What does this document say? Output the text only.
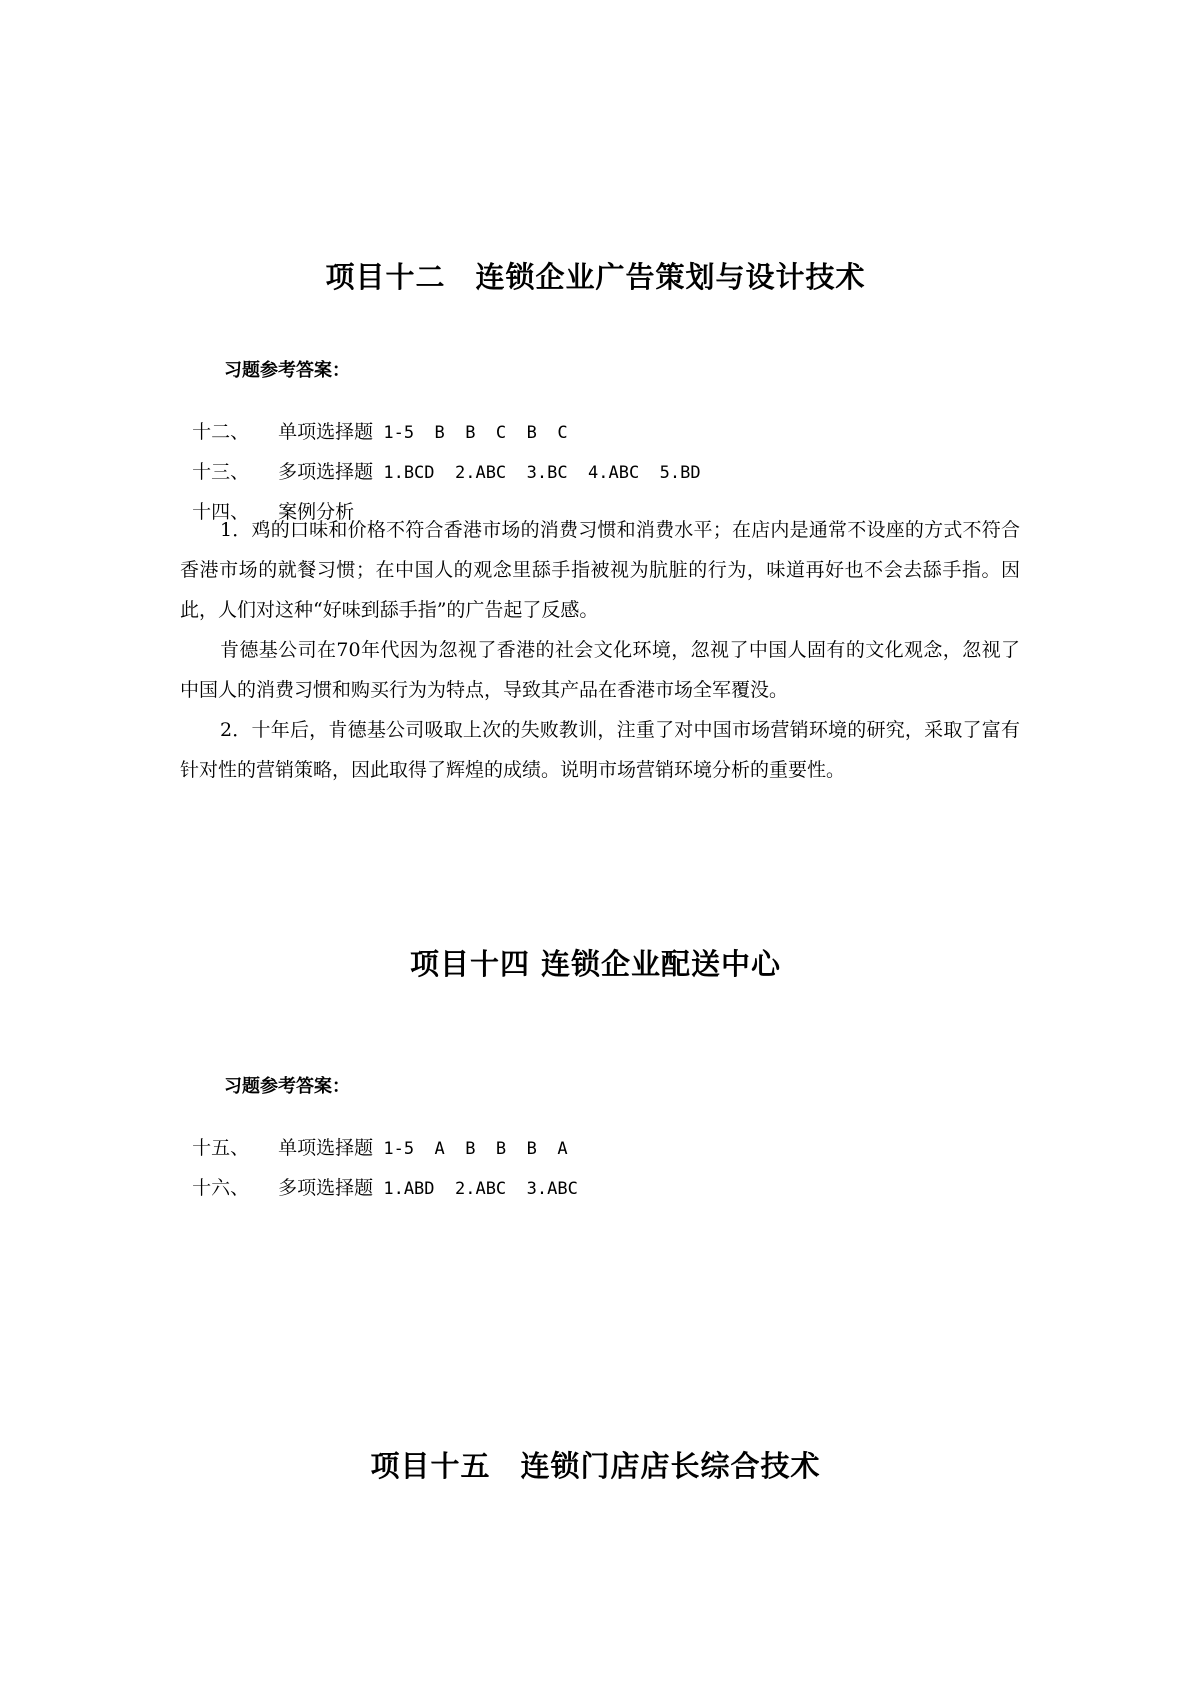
项目十二　连锁企业广告策划与设计技术
习题参考答案：

十二、 单项选择题 1-5  B  B  C  B  C

十三、 多项选择题 1.BCD  2.ABC  3.BC  4.ABC  5.BD

十四、 案例分析

1．鸡的口味和价格不符合香港市场的消费习惯和消费水平；在店内是通常不设座的方式不符合香港市场的就餐习惯；在中国人的观念里舔手指被视为肮脏的行为，味道再好也不会去舔手指。因此，人们对这种“好味到舔手指”的广告起了反感。
肯德基公司在70年代因为忽视了香港的社会文化环境，忽视了中国人固有的文化观念，忽视了中国人的消费习惯和购买行为为特点，导致其产品在香港市场全军覆没。
2．十年后，肯德基公司吸取上次的失败教训，注重了对中国市场营销环境的研究，采取了富有针对性的营销策略，因此取得了辉煌的成绩。说明市场营销环境分析的重要性。
项目十四 连锁企业配送中心
习题参考答案：

十五、 单项选择题 1-5  A  B  B  B  A

十六、 多项选择题 1.ABD  2.ABC  3.ABC

项目十五　连锁门店店长综合技术
